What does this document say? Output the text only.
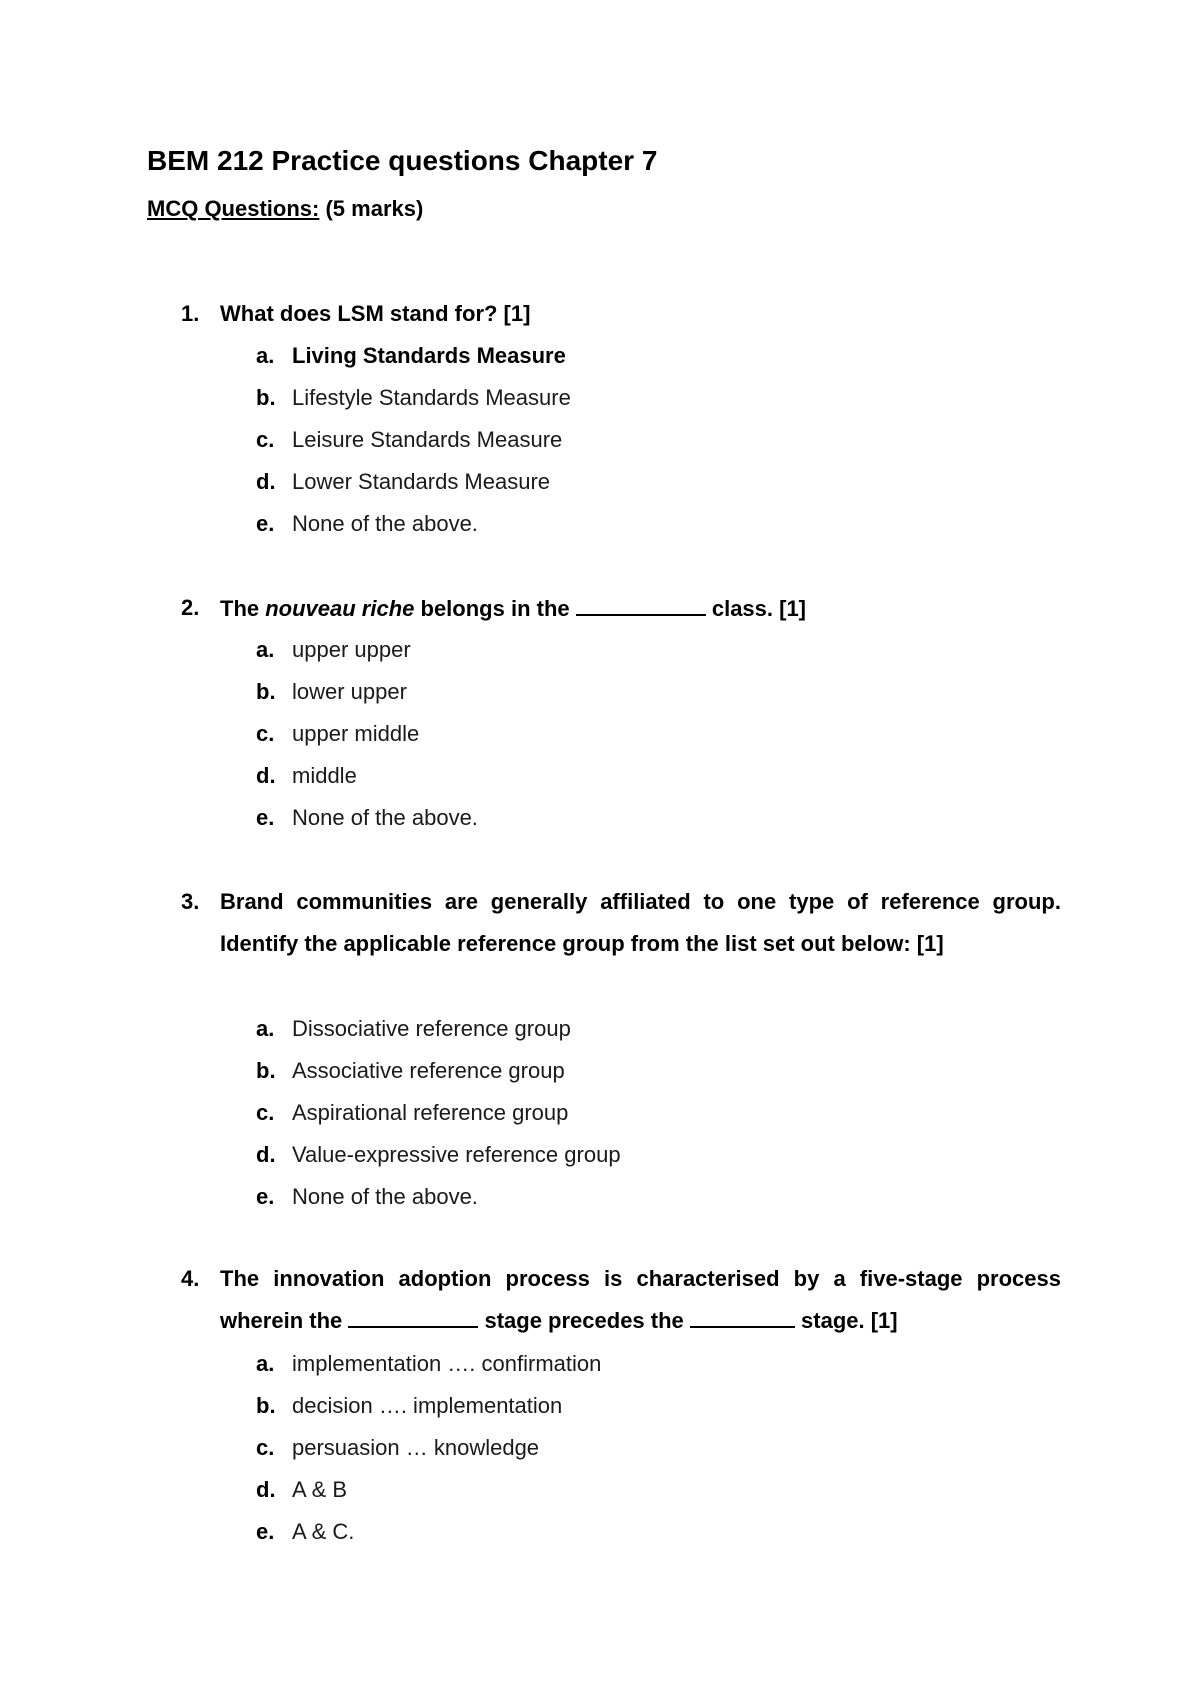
BEM 212 Practice questions Chapter 7
MCQ Questions: (5 marks)
1. What does LSM stand for? [1]
a. Living Standards Measure
b. Lifestyle Standards Measure
c. Leisure Standards Measure
d. Lower Standards Measure
e. None of the above.
2. The nouveau riche belongs in the	class. [1]
a. upper upper
b. lower upper
c. upper middle
d. middle
e. None of the above.
3. Brand communities are generally affiliated to one type of reference group. Identify the applicable reference group from the list set out below: [1]
a. Dissociative reference group
b. Associative reference group
c. Aspirational reference group
d. Value-expressive reference group
e. None of the above.
4. The innovation adoption process is characterised by a five-stage process wherein the	stage precedes the	stage. [1]
a. implementation …. confirmation
b. decision …. implementation
c. persuasion … knowledge
d. A & B
e. A & C.
